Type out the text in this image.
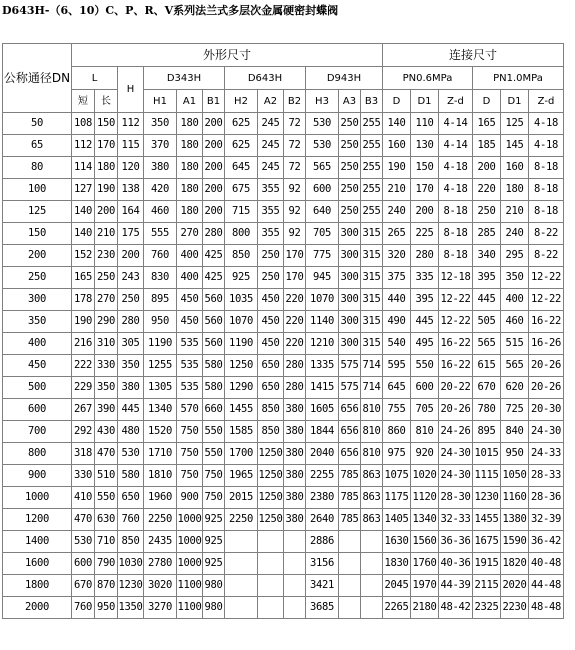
D643H-（6、10）C、P、R、V系列法兰式多层次金属硬密封蝶阀
公称通径DN	外形尺寸												连接尺寸					
	L		H	D343H			D643H			D943H			PN0.6MPa			PN1.0MPa		
	短	长		H1	A1	B1	H2	A2	B2	H3	A3	B3	D	D1	Z-d	D	D1	Z-d
50	108	150	112	350	180	200	625	245	72	530	250	255	140	110	4-14	165	125	4-18
65	112	170	115	370	180	200	625	245	72	530	250	255	160	130	4-14	185	145	4-18
80	114	180	120	380	180	200	645	245	72	565	250	255	190	150	4-18	200	160	8-18
100	127	190	138	420	180	200	675	355	92	600	250	255	210	170	4-18	220	180	8-18
125	140	200	164	460	180	200	715	355	92	640	250	255	240	200	8-18	250	210	8-18
150	140	210	175	555	270	280	800	355	92	705	300	315	265	225	8-18	285	240	8-22
200	152	230	200	760	400	425	850	250	170	775	300	315	320	280	8-18	340	295	8-22
250	165	250	243	830	400	425	925	250	170	945	300	315	375	335	12-18	395	350	12-22
300	178	270	250	895	450	560	1035	450	220	1070	300	315	440	395	12-22	445	400	12-22
350	190	290	280	950	450	560	1070	450	220	1140	300	315	490	445	12-22	505	460	16-22
400	216	310	305	1190	535	560	1190	450	220	1210	300	315	540	495	16-22	565	515	16-26
450	222	330	350	1255	535	580	1250	650	280	1335	575	714	595	550	16-22	615	565	20-26
500	229	350	380	1305	535	580	1290	650	280	1415	575	714	645	600	20-22	670	620	20-26
600	267	390	445	1340	570	660	1455	850	380	1605	656	810	755	705	20-26	780	725	20-30
700	292	430	480	1520	750	550	1585	850	380	1844	656	810	860	810	24-26	895	840	24-30
800	318	470	530	1710	750	550	1700	1250	380	2040	656	810	975	920	24-30	1015	950	24-33
900	330	510	580	1810	750	750	1965	1250	380	2255	785	863	1075	1020	24-30	1115	1050	28-33
1000	410	550	650	1960	900	750	2015	1250	380	2380	785	863	1175	1120	28-30	1230	1160	28-36
1200	470	630	760	2250	1000	925	2250	1250	380	2640	785	863	1405	1340	32-33	1455	1380	32-39
1400	530	710	850	2435	1000	925				2886			1630	1560	36-36	1675	1590	36-42
1600	600	790	1030	2780	1000	925				3156			1830	1760	40-36	1915	1820	40-48
1800	670	870	1230	3020	1100	980				3421			2045	1970	44-39	2115	2020	44-48
2000	760	950	1350	3270	1100	980				3685			2265	2180	48-42	2325	2230	48-48
